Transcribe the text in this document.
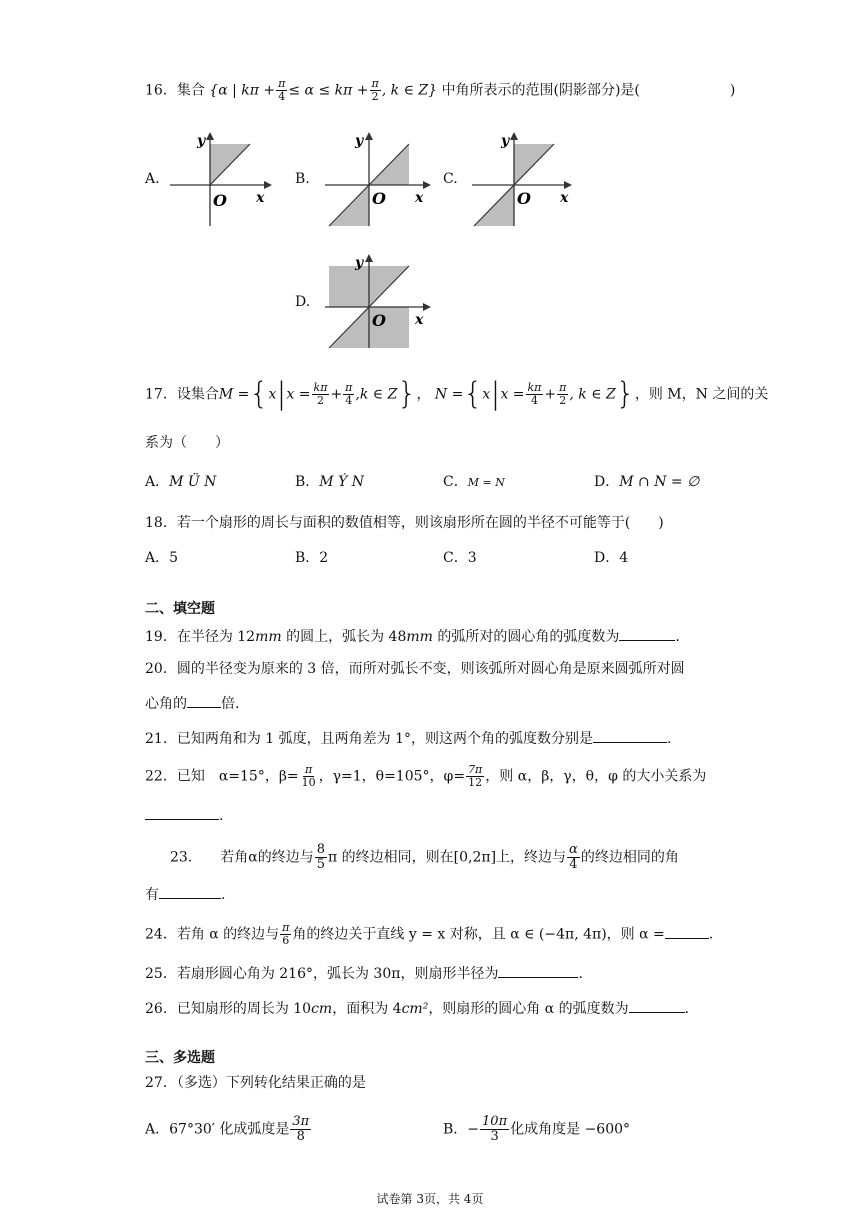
16．集合 {α | $k\pi + \frac{\pi}{4} \le \alpha \le k\pi + \frac{\pi}{2}$ , k ∈ Z} 中角所表示的范围(阴影部分)是(	)
A.	B.	C.
D.
y
x
O
y
x
O
y
x
O
y
x
O
17．设集合$M =\{x|x = \frac{k\pi}{2} + \frac{\pi}{4} ,k$ ∈ Z}， $N =\{x|x = \frac{k\pi}{4} + \frac{\pi}{2}$ , k ∈ Z}，则 M，N 之间的关
系为（　　）
A．M Ü N	B．M Ý N	C．M = N	D．M ∩ N = ∅
18．若一个扇形的周长与面积的数值相等，则该扇形所在圆的半径不可能等于(　　)
A．5	B．2	C．3	D．4
二、填空题
19．在半径为 12mm 的圆上，弧长为 48mm 的弧所对的圆心角的弧度数为	.
20．圆的半径变为原来的 3 倍，而所对弧长不变，则该弧所对圆心角是原来圆弧所对圆
心角的 倍.
21．已知两角和为 1 弧度，且两角差为 1°，则这两个角的弧度数分别是	.
22．已知　α=15°，$\beta= \frac{\pi}{10}$ ，γ=1，θ=105°，$\varphi= \frac{7\pi}{12}$ ，则 α，β，γ，θ，φ 的大小关系为
.
23.　　若角α的终边与 $\frac{8}{5}$ π 的终边相同，则在[0,2π]上，终边与 $\frac{\alpha}{4}$ 的终边相同的角
有	.
24．若角 α 的终边与 $\frac{\pi}{6}$ 角的终边关于直线 y = x 对称，且 α ∈ (−4π, 4π)，则 α =	.
25．若扇形圆心角为 216°，弧长为 30π，则扇形半径为	.
26．已知扇形的周长为 10cm，面积为 4cm²，则扇形的圆心角 α 的弧度数为	.
三、多选题
27．（多选）下列转化结果正确的是
A．67°30′ 化成弧度是 $\frac{3\pi}{8}$	B．− $\frac{10\pi}{3}$ 化成角度是 −600°
试卷第 3页，共 4页
